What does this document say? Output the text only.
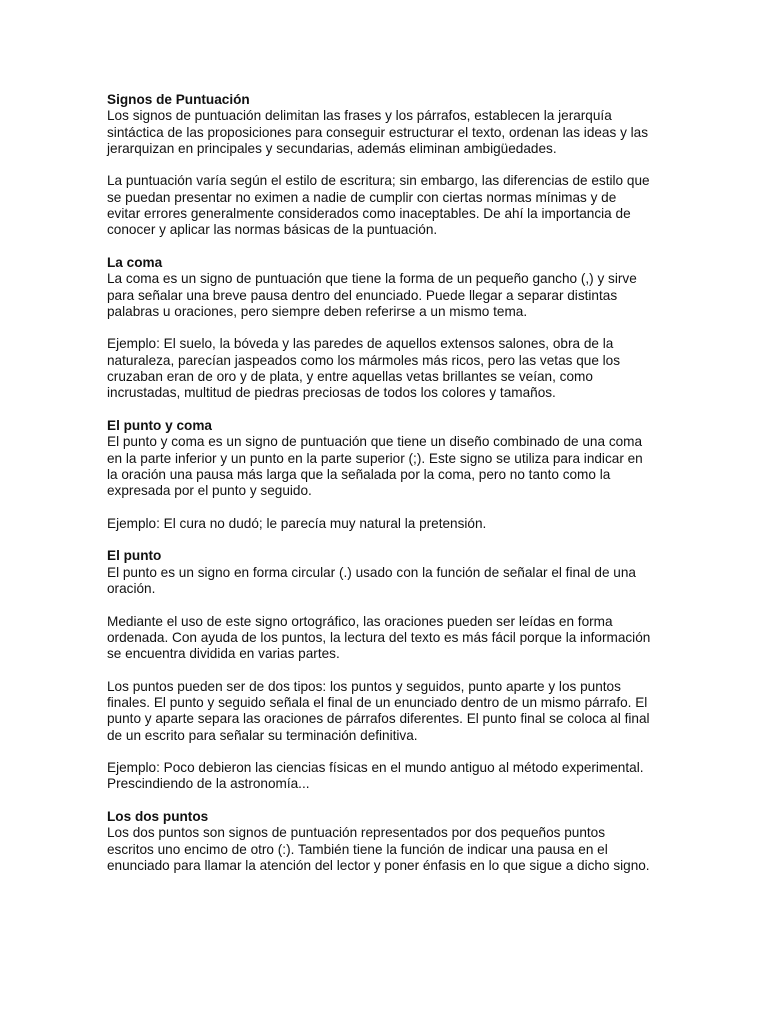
Signos de Puntuación
Los signos de puntuación delimitan las frases y los párrafos, establecen la jerarquía
sintáctica de las proposiciones para conseguir estructurar el texto, ordenan las ideas y las
jerarquizan en principales y secundarias, además eliminan ambigüedades.
La puntuación varía según el estilo de escritura; sin embargo, las diferencias de estilo que
se puedan presentar no eximen a nadie de cumplir con ciertas normas mínimas y de
evitar errores generalmente considerados como inaceptables. De ahí la importancia de
conocer y aplicar las normas básicas de la puntuación.
La coma
La coma es un signo de puntuación que tiene la forma de un pequeño gancho (,) y sirve
para señalar una breve pausa dentro del enunciado. Puede llegar a separar distintas
palabras u oraciones, pero siempre deben referirse a un mismo tema.
Ejemplo: El suelo, la bóveda y las paredes de aquellos extensos salones, obra de la
naturaleza, parecían jaspeados como los mármoles más ricos, pero las vetas que los
cruzaban eran de oro y de plata, y entre aquellas vetas brillantes se veían, como
incrustadas, multitud de piedras preciosas de todos los colores y tamaños.
El punto y coma
El punto y coma es un signo de puntuación que tiene un diseño combinado de una coma
en la parte inferior y un punto en la parte superior (;). Este signo se utiliza para indicar en
la oración una pausa más larga que la señalada por la coma, pero no tanto como la
expresada por el punto y seguido.
Ejemplo: El cura no dudó; le parecía muy natural la pretensión.
El punto
El punto es un signo en forma circular (.) usado con la función de señalar el final de una
oración.
Mediante el uso de este signo ortográfico, las oraciones pueden ser leídas en forma
ordenada. Con ayuda de los puntos, la lectura del texto es más fácil porque la información
se encuentra dividida en varias partes.
Los puntos pueden ser de dos tipos: los puntos y seguidos, punto aparte y los puntos
finales. El punto y seguido señala el final de un enunciado dentro de un mismo párrafo. El
punto y aparte separa las oraciones de párrafos diferentes. El punto final se coloca al final
de un escrito para señalar su terminación definitiva.
Ejemplo: Poco debieron las ciencias físicas en el mundo antiguo al método experimental.
Prescindiendo de la astronomía...
Los dos puntos
Los dos puntos son signos de puntuación representados por dos pequeños puntos
escritos uno encimo de otro (:). También tiene la función de indicar una pausa en el
enunciado para llamar la atención del lector y poner énfasis en lo que sigue a dicho signo.
